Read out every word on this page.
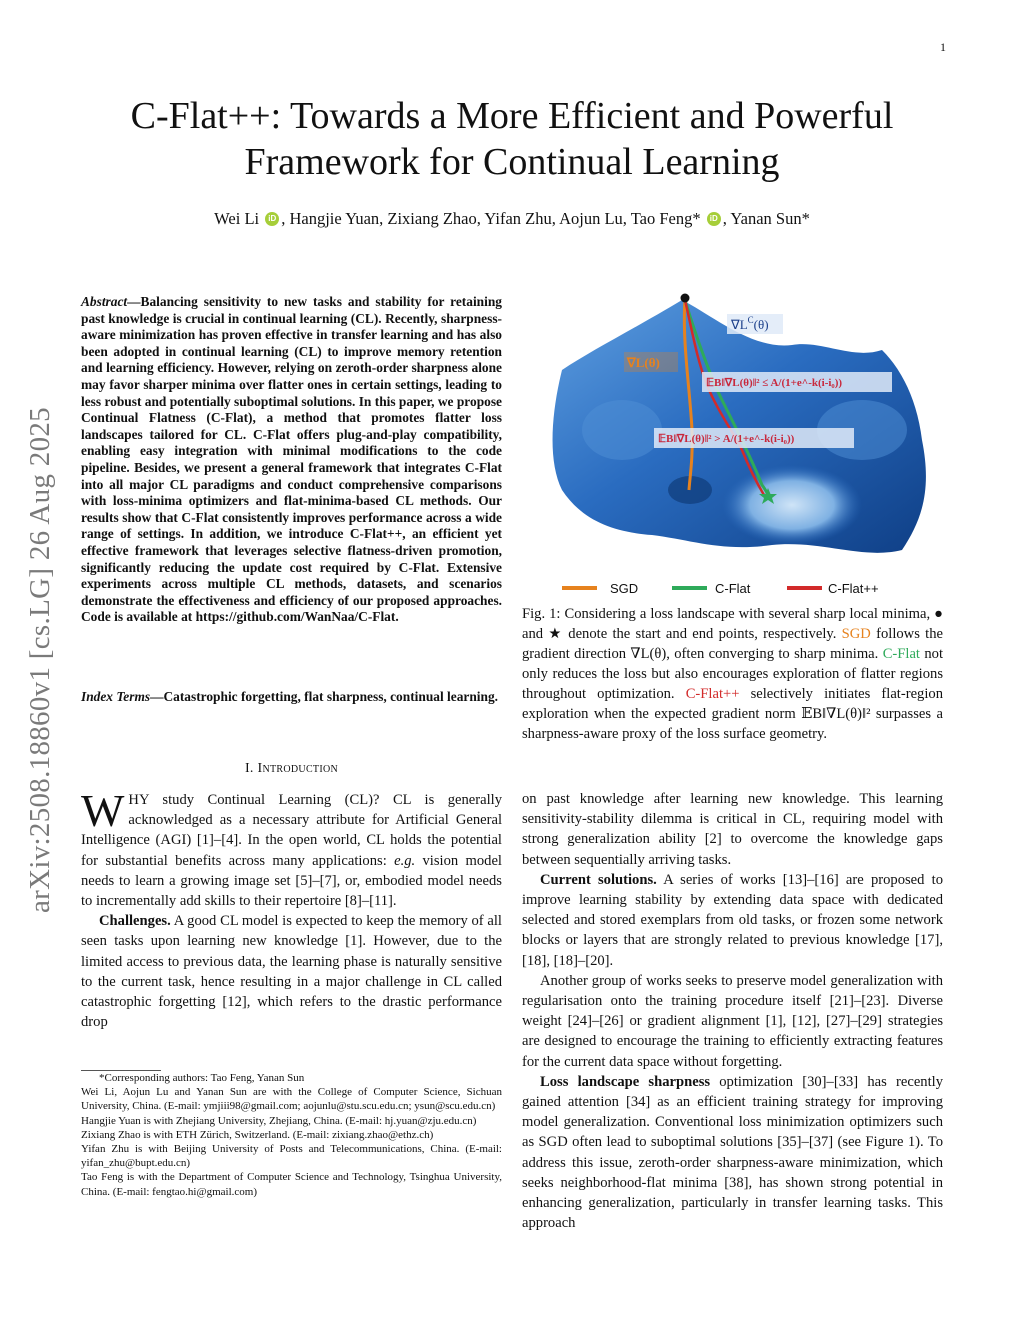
1
C-Flat++: Towards a More Efficient and Powerful
Framework for Continual Learning
Wei Li iD , Hangjie Yuan, Zixiang Zhao, Yifan Zhu, Aojun Lu, Tao Feng* iD , Yanan Sun*
arXiv:2508.18860v1 [cs.LG] 26 Aug 2025

Abstract—Balancing sensitivity to new tasks and stability for retaining past knowledge is crucial in continual learning (CL). Recently, sharpness-aware minimization has proven effective in transfer learning and has also been adopted in continual learning (CL) to improve memory retention and learning efficiency. However, relying on zeroth-order sharpness alone may favor sharper minima over flatter ones in certain settings, leading to less robust and potentially suboptimal solutions. In this paper, we propose Continual Flatness (C-Flat), a method that promotes flatter loss landscapes tailored for CL. C-Flat offers plug-and-play compatibility, enabling easy integration with minimal modifications to the code pipeline. Besides, we present a general framework that integrates C-Flat into all major CL paradigms and conduct comprehensive comparisons with loss-minima optimizers and flat-minima-based CL methods. Our results show that C-Flat consistently improves performance across a wide range of settings. In addition, we introduce C-Flat++, an efficient yet effective framework that leverages selective flatness-driven promotion, significantly reducing the update cost required by C-Flat. Extensive experiments across multiple CL methods, datasets, and scenarios demonstrate the effectiveness and efficiency of our proposed approaches. Code is available at https://github.com/WanNaa/C-Flat.

Index Terms—Catastrophic forgetting, flat sharpness, continual learning.

I. Introduction

WHY study Continual Learning (CL)? CL is generally acknowledged as a necessary attribute for Artificial General Intelligence (AGI) [1]–[4]. In the open world, CL holds the potential for substantial benefits across many applications: e.g. vision model needs to learn a growing image set [5]–[7], or, embodied model needs to incrementally add skills to their repertoire [8]–[11].

Challenges. A good CL model is expected to keep the memory of all seen tasks upon learning new knowledge [1]. However, due to the limited access to previous data, the learning phase is naturally sensitive to the current task, hence resulting in a major challenge in CL called catastrophic forgetting [12], which refers to the drastic performance drop

*Corresponding authors: Tao Feng, Yanan Sun
Wei Li, Aojun Lu and Yanan Sun are with the College of Computer Science, Sichuan University, China. (E-mail: ymjiii98@gmail.com; aojunlu@stu.scu.edu.cn; ysun@scu.edu.cn)
Hangjie Yuan is with Zhejiang University, Zhejiang, China. (E-mail: hj.yuan@zju.edu.cn)
Zixiang Zhao is with ETH Zürich, Switzerland. (E-mail: zixiang.zhao@ethz.ch)
Yifan Zhu is with Beijing University of Posts and Telecommunications, China. (E-mail: yifan_zhu@bupt.edu.cn)
Tao Feng is with the Department of Computer Science and Technology, Tsinghua University, China. (E-mail: fengtao.hi@gmail.com)
𝔼B‖∇L(θ)‖² ≤ A/(1+e^-k(i-i₀))
𝔼B‖∇L(θ)‖² > A/(1+e^-k(i-i₀))
$\nabla L^C(\theta)$
∇L(θ)
SGD	C-Flat	C-Flat++

Fig. 1: Considering a loss landscape with several sharp local minima, ● and ★ denote the start and end points, respectively. SGD follows the gradient direction ∇L(θ), often converging to sharp minima. C-Flat not only reduces the loss but also encourages exploration of flatter regions throughout optimization. C-Flat++ selectively initiates flat-region exploration when the expected gradient norm 𝔼B‖∇L(θ)‖² surpasses a sharpness-aware proxy of the loss surface geometry.

on past knowledge after learning new knowledge. This learning sensitivity-stability dilemma is critical in CL, requiring model with strong generalization ability [2] to overcome the knowledge gaps between sequentially arriving tasks.

Current solutions. A series of works [13]–[16] are proposed to improve learning stability by extending data space with dedicated selected and stored exemplars from old tasks, or frozen some network blocks or layers that are strongly related to previous knowledge [17], [18], [18]–[20].

Another group of works seeks to preserve model generalization with regularisation onto the training procedure itself [21]–[23]. Diverse weight [24]–[26] or gradient alignment [1], [12], [27]–[29] strategies are designed to encourage the training to efficiently extracting features for the current data space without forgetting.

Loss landscape sharpness optimization [30]–[33] has recently gained attention [34] as an efficient training strategy for improving model generalization. Conventional loss minimization optimizers such as SGD often lead to suboptimal solutions [35]–[37] (see Figure 1). To address this issue, zeroth-order sharpness-aware minimization, which seeks neighborhood-flat minima [38], has shown strong potential in enhancing generalization, particularly in transfer learning tasks. This approach
